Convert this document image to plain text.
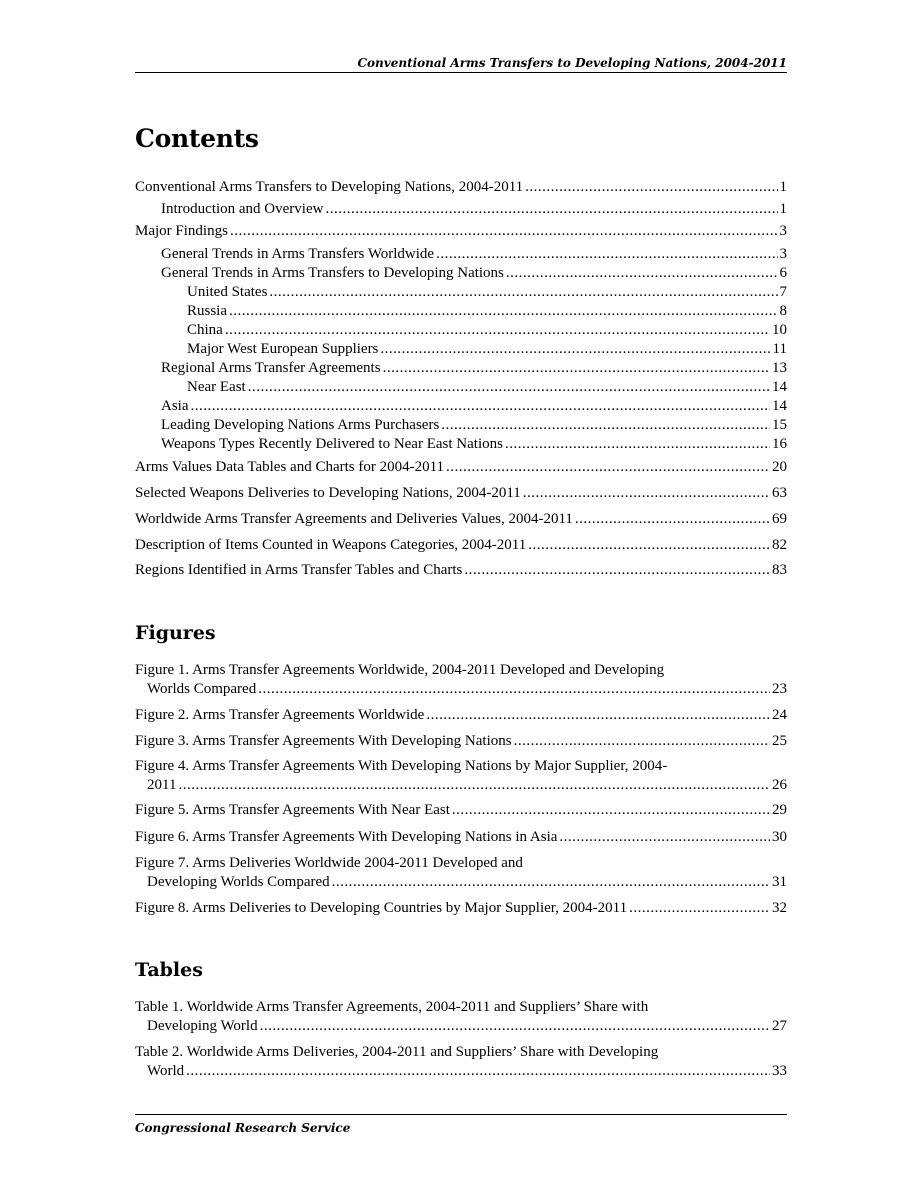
Conventional Arms Transfers to Developing Nations, 2004-2011
Contents
Conventional Arms Transfers to Developing Nations, 2004-2011 .....	1
Introduction and Overview .....	1
Major Findings .....	3
General Trends in Arms Transfers Worldwide .....	3
General Trends in Arms Transfers to Developing Nations .....	6
United States .....	7
Russia .....	8
China .....	10
Major West European Suppliers .....	11
Regional Arms Transfer Agreements .....	13
Near East .....	14
Asia .....	14
Leading Developing Nations Arms Purchasers .....	15
Weapons Types Recently Delivered to Near East Nations .....	16
Arms Values Data Tables and Charts for 2004-2011 .....	20
Selected Weapons Deliveries to Developing Nations, 2004-2011 .....	63
Worldwide Arms Transfer Agreements and Deliveries Values, 2004-2011 .....	69
Description of Items Counted in Weapons Categories, 2004-2011 .....	82
Regions Identified in Arms Transfer Tables and Charts .....	83
Figures
Figure 1. Arms Transfer Agreements Worldwide, 2004-2011 Developed and Developing
Worlds Compared .....	23
Figure 2. Arms Transfer Agreements Worldwide .....	24
Figure 3. Arms Transfer Agreements With Developing Nations .....	25
Figure 4. Arms Transfer Agreements With Developing Nations by Major Supplier, 2004-
2011 .....	26
Figure 5. Arms Transfer Agreements With Near East .....	29
Figure 6. Arms Transfer Agreements With Developing Nations in Asia .....	30
Figure 7. Arms Deliveries Worldwide 2004-2011 Developed and
Developing Worlds Compared .....	31
Figure 8. Arms Deliveries to Developing Countries by Major Supplier, 2004-2011 .....	32
Tables
Table 1. Worldwide Arms Transfer Agreements, 2004-2011 and Suppliers’ Share with
Developing World .....	27
Table 2. Worldwide Arms Deliveries, 2004-2011 and Suppliers’ Share with Developing
World .....	33
Congressional Research Service
